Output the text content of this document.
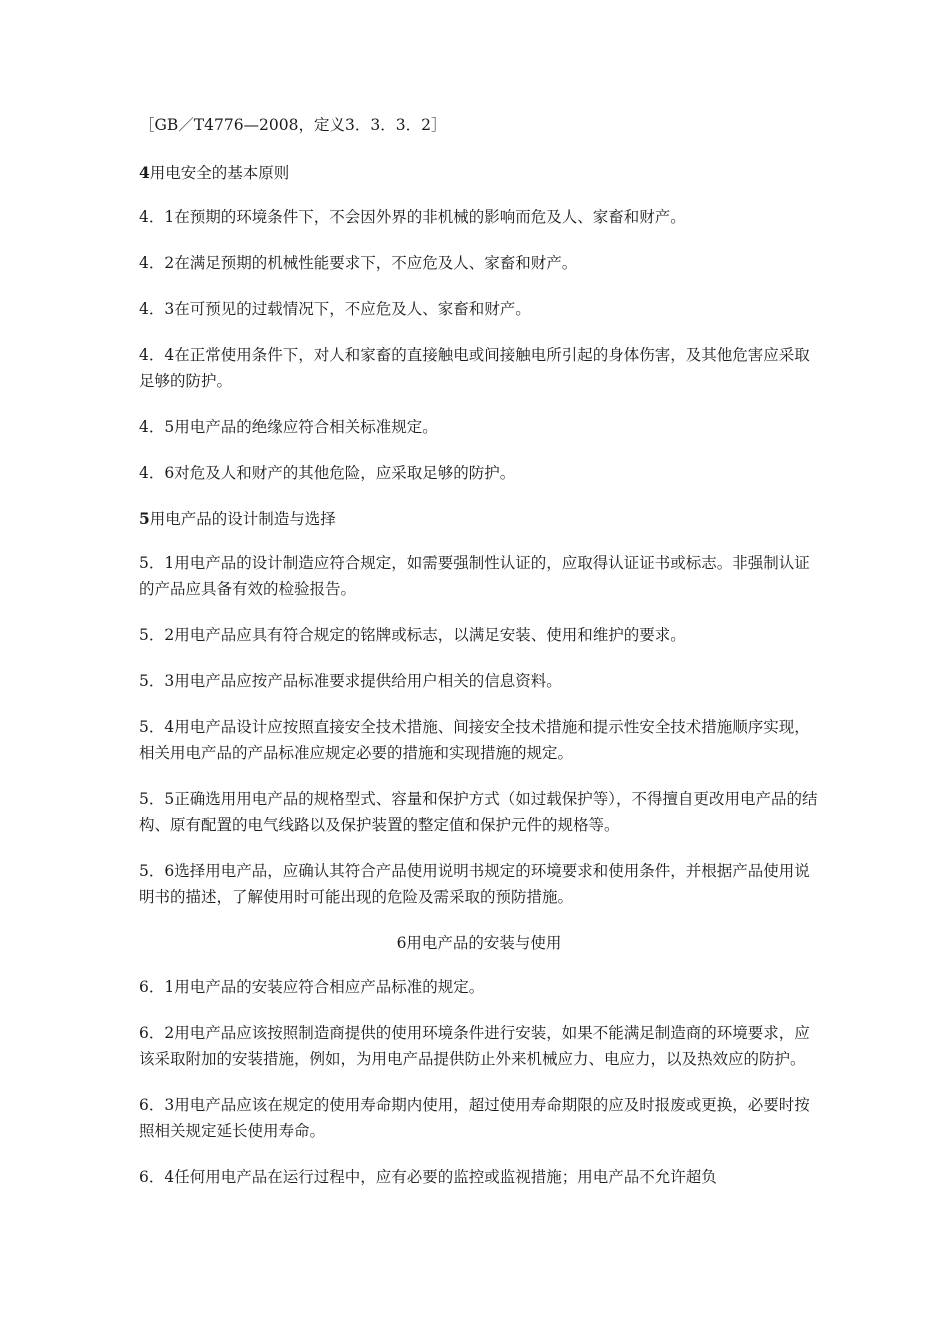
［GB／T4776—2008，定义3．3．3．2］

4用电安全的基本原则

4．1在预期的环境条件下，不会因外界的非机械的影响而危及人、家畜和财产。

4．2在满足预期的机械性能要求下，不应危及人、家畜和财产。

4．3在可预见的过载情况下，不应危及人、家畜和财产。

4．4在正常使用条件下，对人和家畜的直接触电或间接触电所引起的身体伤害，及其他危害应采取足够的防护。

4．5用电产品的绝缘应符合相关标准规定。

4．6对危及人和财产的其他危险，应采取足够的防护。

5用电产品的设计制造与选择

5．1用电产品的设计制造应符合规定，如需要强制性认证的，应取得认证证书或标志。非强制认证的产品应具备有效的检验报告。

5．2用电产品应具有符合规定的铭牌或标志，以满足安装、使用和维护的要求。

5．3用电产品应按产品标准要求提供给用户相关的信息资料。

5．4用电产品设计应按照直接安全技术措施、间接安全技术措施和提示性安全技术措施顺序实现，相关用电产品的产品标准应规定必要的措施和实现措施的规定。

5．5正确选用用电产品的规格型式、容量和保护方式（如过载保护等），不得擅自更改用电产品的结构、原有配置的电气线路以及保护装置的整定值和保护元件的规格等。

5．6选择用电产品，应确认其符合产品使用说明书规定的环境要求和使用条件，并根据产品使用说明书的描述，了解使用时可能出现的危险及需采取的预防措施。

6用电产品的安装与使用

6．1用电产品的安装应符合相应产品标准的规定。

6．2用电产品应该按照制造商提供的使用环境条件进行安装，如果不能满足制造商的环境要求，应该采取附加的安装措施，例如，为用电产品提供防止外来机械应力、电应力，以及热效应的防护。

6．3用电产品应该在规定的使用寿命期内使用，超过使用寿命期限的应及时报废或更换，必要时按照相关规定延长使用寿命。

6．4任何用电产品在运行过程中，应有必要的监控或监视措施；用电产品不允许超负
